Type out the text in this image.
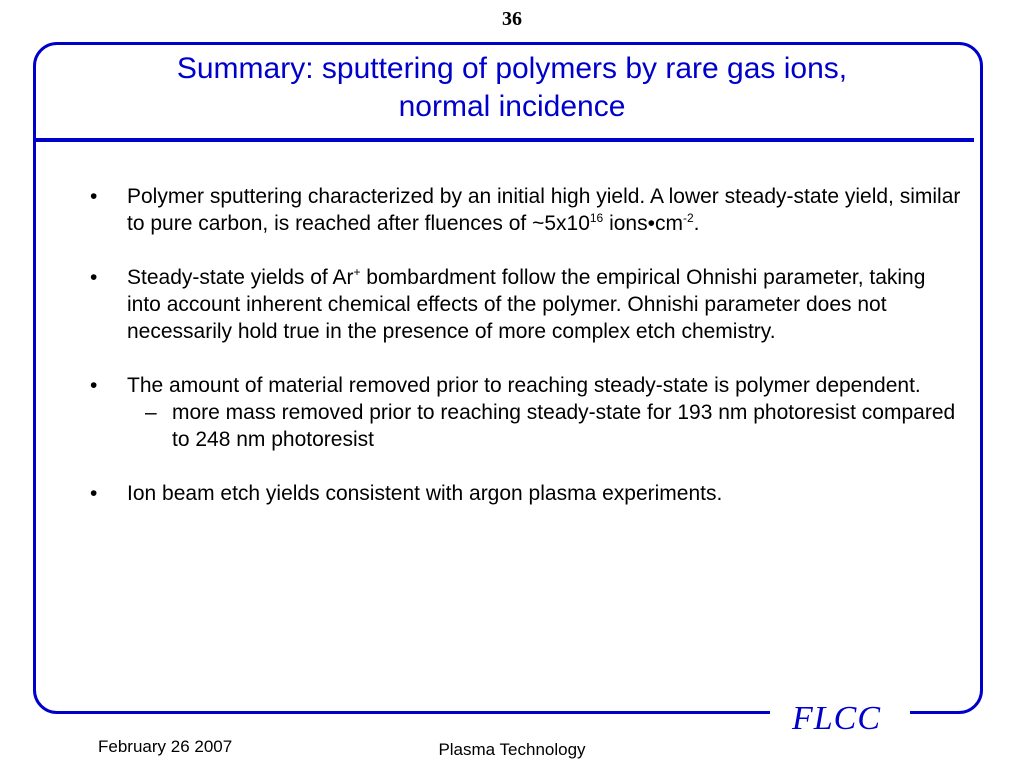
36
Summary: sputtering of polymers by rare gas ions,
normal incidence
• Polymer sputtering characterized by an initial high yield. A lower steady-state yield, similar to pure carbon, is reached after fluences of $\sim 5x10^{16}$ $ions•cm^{-2}$.
• Steady-state yields of Ar+ bombardment follow the empirical Ohnishi parameter, taking into account inherent chemical effects of the polymer. Ohnishi parameter does not necessarily hold true in the presence of more complex etch chemistry.
• The amount of material removed prior to reaching steady-state is polymer dependent.
– more mass removed prior to reaching steady-state for 193 nm photoresist compared to 248 nm photoresist
• Ion beam etch yields consistent with argon plasma experiments.
FLCC
February 26 2007	Plasma Technology
